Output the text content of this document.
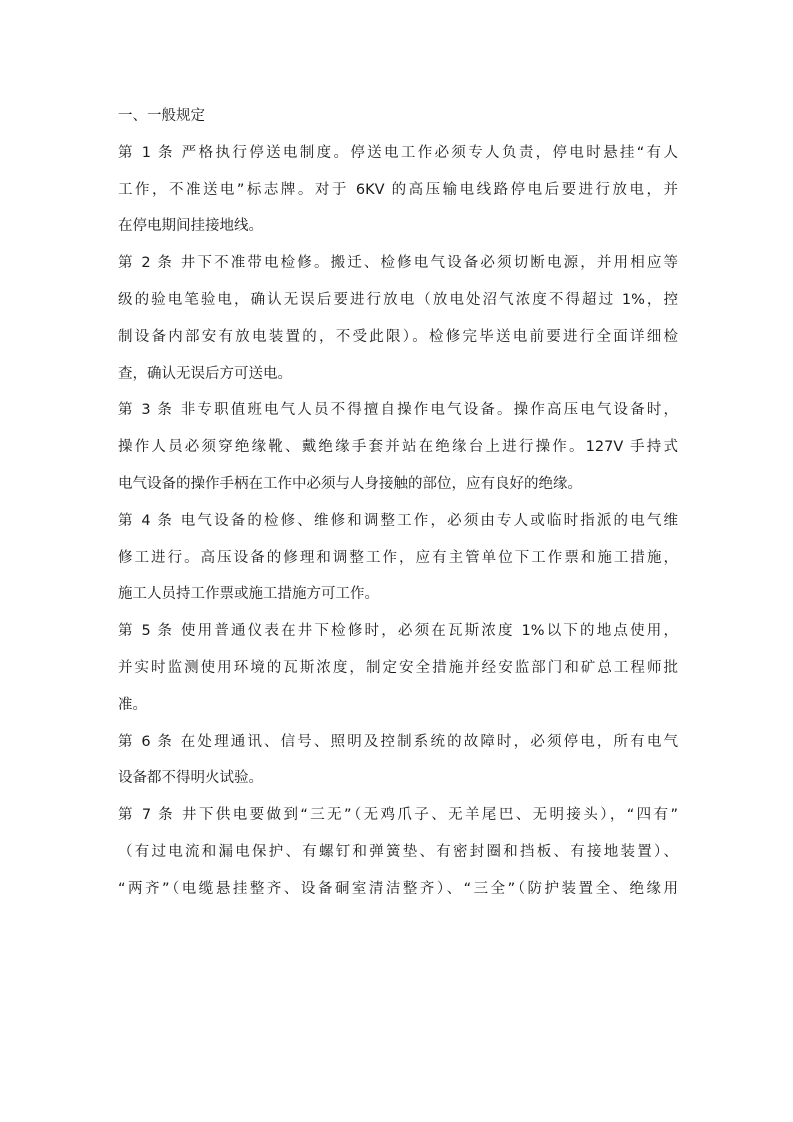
一、一般规定
第 1 条 严格执行停送电制度。停送电工作必须专人负责，停电时悬挂“有人
工作，不准送电”标志牌。对于 6KV 的高压输电线路停电后要进行放电，并
在停电期间挂接地线。
第 2 条 井下不准带电检修。搬迁、检修电气设备必须切断电源，并用相应等
级的验电笔验电，确认无误后要进行放电（放电处沼气浓度不得超过 1%，控
制设备内部安有放电装置的，不受此限）。检修完毕送电前要进行全面详细检
查，确认无误后方可送电。
第 3 条 非专职值班电气人员不得擅自操作电气设备。操作高压电气设备时，
操作人员必须穿绝缘靴、戴绝缘手套并站在绝缘台上进行操作。127V 手持式
电气设备的操作手柄在工作中必须与人身接触的部位，应有良好的绝缘。
第 4 条 电气设备的检修、维修和调整工作，必须由专人或临时指派的电气维
修工进行。高压设备的修理和调整工作，应有主管单位下工作票和施工措施，
施工人员持工作票或施工措施方可工作。
第 5 条 使用普通仪表在井下检修时，必须在瓦斯浓度 1%以下的地点使用，
并实时监测使用环境的瓦斯浓度，制定安全措施并经安监部门和矿总工程师批
准。
第 6 条 在处理通讯、信号、照明及控制系统的故障时，必须停电，所有电气
设备都不得明火试验。
第 7 条 井下供电要做到“三无”（无鸡爪子、无羊尾巴、无明接头），“四有”
（有过电流和漏电保护、有螺钉和弹簧垫、有密封圈和挡板、有接地装置）、
“两齐”（电缆悬挂整齐、设备硐室清洁整齐）、“三全”（防护装置全、绝缘用
